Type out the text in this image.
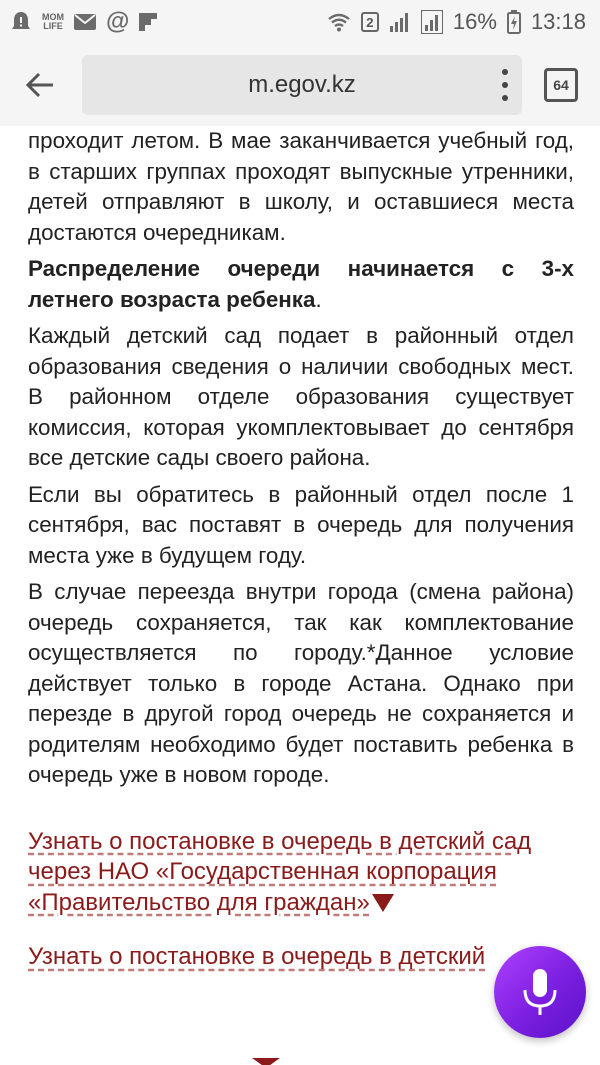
MOM
LIFE @	2	16% 13:18
m.egov.kz	64

проходит летом. В мае заканчивается учебный год, в старших группах проходят выпускные утренники, детей отправляют в школу, и оставшиеся места достаются очередникам.

Распределение очереди начинается с 3-х летнего возраста ребенка.

Каждый детский сад подает в районный отдел образования сведения о наличии свободных мест. В районном отделе образования существует комиссия, которая укомплектовывает до сентября все детские сады своего района.

Если вы обратитесь в районный отдел после 1 сентября, вас поставят в очередь для получения места уже в будущем году.

В случае переезда внутри города (смена района) очередь сохраняется, так как комплектование осуществляется по городу.*Данное условие действует только в городе Астана. Однако при перезде в другой город очередь не сохраняется и родителям необходимо будет поставить ребенка в очередь уже в новом городе.

Узнать о постановке в очередь в детский сад через НАО «Государственная корпорация «Правительство для граждан»
Узнать о постановке в очередь в детский
